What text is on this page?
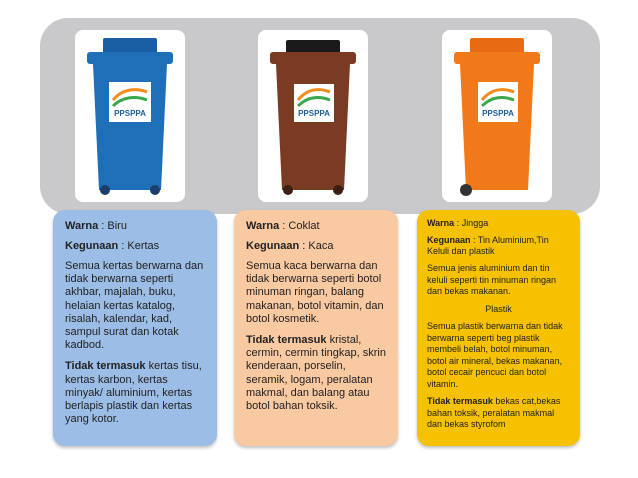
PPSPPA	PPSPPA	PPSPPA
Warna : Biru
Kegunaan : Kertas
Semua kertas berwarna dan tidak berwarna seperti akhbar, majalah, buku, helaian kertas katalog, risalah, kalendar, kad, sampul surat dan kotak kadbod.
Tidak termasuk kertas tisu, kertas karbon, kertas minyak/ aluminium, kertas berlapis plastik dan kertas yang kotor.
Warna : Coklat
Kegunaan : Kaca
Semua kaca berwarna dan tidak berwarna seperti botol minuman ringan, balang makanan, botol vitamin, dan botol kosmetik.
Tidak termasuk kristal, cermin, cermin tingkap, skrin kenderaan, porselin, seramik, logam, peralatan makmal, dan balang atau botol bahan toksik.
Warna : Jingga
Kegunaan : Tin Aluminium,Tin Keluli dan plastik
Semua jenis aluminium dan tin keluli seperti tin minuman ringan dan bekas makanan.
Plastik
Semua plastik berwarna dan tidak berwarna seperti beg plastik membeli belah, botol minuman, botol air mineral, bekas makanan, botol cecair pencuci dan botol vitamin.
Tidak termasuk bekas cat,bekas bahan toksik, peralatan makmal dan bekas styrofom
